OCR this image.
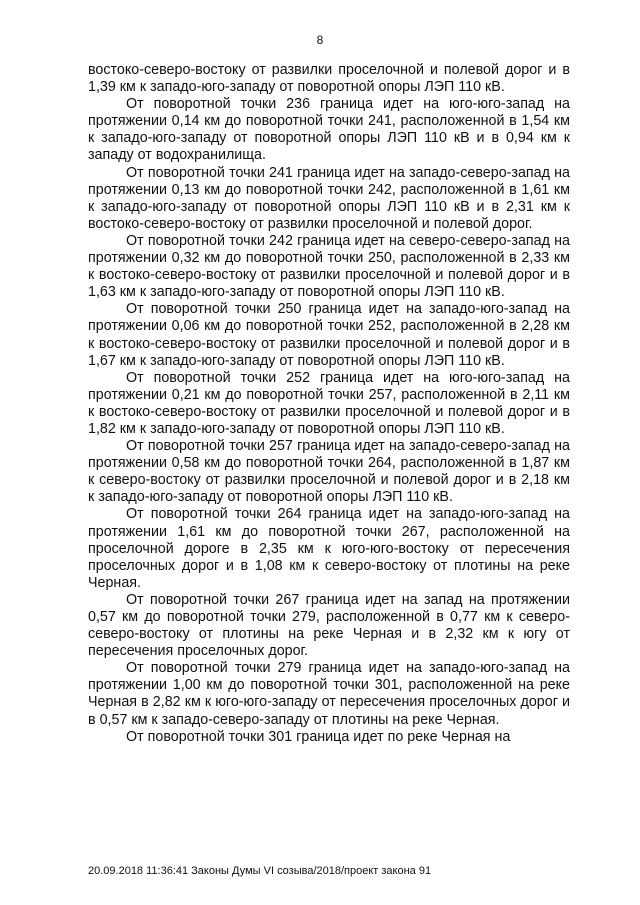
8

востоко-северо-востоку от развилки проселочной и полевой дорог и в 1,39 км к западо-юго-западу от поворотной опоры ЛЭП 110 кВ.

От поворотной точки 236 граница идет на юго-юго-запад на протяжении 0,14 км до поворотной точки 241, расположенной в 1,54 км к западо-юго-западу от поворотной опоры ЛЭП 110 кВ и в 0,94 км к западу от водохранилища.

От поворотной точки 241 граница идет на западо-северо-запад на протяжении 0,13 км до поворотной точки 242, расположенной в 1,61 км к западо-юго-западу от поворотной опоры ЛЭП 110 кВ и в 2,31 км к востоко-северо-востоку от развилки проселочной и полевой дорог.

От поворотной точки 242 граница идет на северо-северо-запад на протяжении 0,32 км до поворотной точки 250, расположенной в 2,33 км к востоко-северо-востоку от развилки проселочной и полевой дорог и в 1,63 км к западо-юго-западу от поворотной опоры ЛЭП 110 кВ.

От поворотной точки 250 граница идет на западо-юго-запад на протяжении 0,06 км до поворотной точки 252, расположенной в 2,28 км к востоко-северо-востоку от развилки проселочной и полевой дорог и в 1,67 км к западо-юго-западу от поворотной опоры ЛЭП 110 кВ.

От поворотной точки 252 граница идет на юго-юго-запад на протяжении 0,21 км до поворотной точки 257, расположенной в 2,11 км к востоко-северо-востоку от развилки проселочной и полевой дорог и в 1,82 км к западо-юго-западу от поворотной опоры ЛЭП 110 кВ.

От поворотной точки 257 граница идет на западо-северо-запад на протяжении 0,58 км до поворотной точки 264, расположенной в 1,87 км к северо-востоку от развилки проселочной и полевой дорог и в 2,18 км к западо-юго-западу от поворотной опоры ЛЭП 110 кВ.

От поворотной точки 264 граница идет на западо-юго-запад на протяжении 1,61 км до поворотной точки 267, расположенной на проселочной дороге в 2,35 км к юго-юго-востоку от пересечения проселочных дорог и в 1,08 км к северо-востоку от плотины на реке Черная.

От поворотной точки 267 граница идет на запад на протяжении 0,57 км до поворотной точки 279, расположенной в 0,77 км к северо-северо-востоку от плотины на реке Черная и в 2,32 км к югу от пересечения проселочных дорог.

От поворотной точки 279 граница идет на западо-юго-запад на протяжении 1,00 км до поворотной точки 301, расположенной на реке Черная в 2,82 км к юго-юго-западу от пересечения проселочных дорог и в 0,57 км к западо-северо-западу от плотины на реке Черная.

От поворотной точки 301 граница идет по реке Черная на

20.09.2018 11:36:41 Законы Думы VI созыва/2018/проект закона 91
